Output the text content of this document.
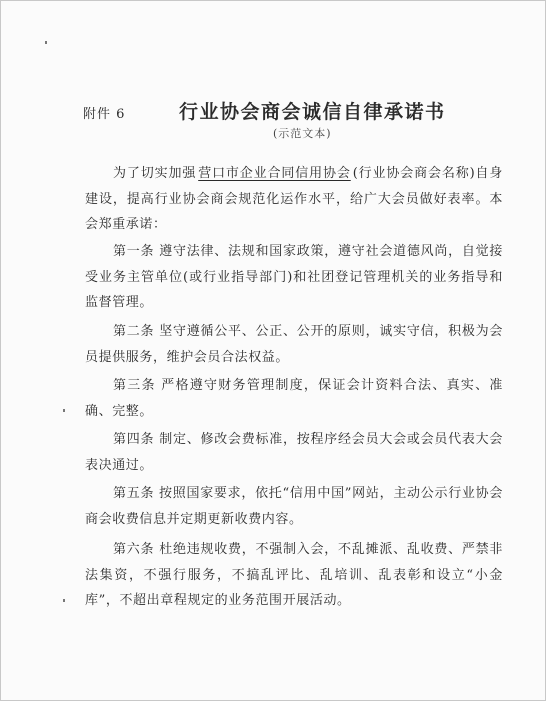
附件 6	行业协会商会诚信自律承诺书
(示范文本)

为了切实加强 营口市企业合同信用协会 (行业协会商会名称)自身建设，提高行业协会商会规范化运作水平，给广大会员做好表率。本会郑重承诺：

第一条 遵守法律、法规和国家政策，遵守社会道德风尚，自觉接受业务主管单位(或行业指导部门)和社团登记管理机关的业务指导和监督管理。

第二条 坚守遵循公平、公正、公开的原则，诚实守信，积极为会员提供服务，维护会员合法权益。

第三条 严格遵守财务管理制度，保证会计资料合法、真实、准确、完整。

第四条 制定、修改会费标准，按程序经会员大会或会员代表大会表决通过。

第五条 按照国家要求，依托“信用中国”网站，主动公示行业协会商会收费信息并定期更新收费内容。

第六条 杜绝违规收费，不强制入会，不乱摊派、乱收费、严禁非法集资，不强行服务，不搞乱评比、乱培训、乱表彰和设立“小金库”，不超出章程规定的业务范围开展活动。
